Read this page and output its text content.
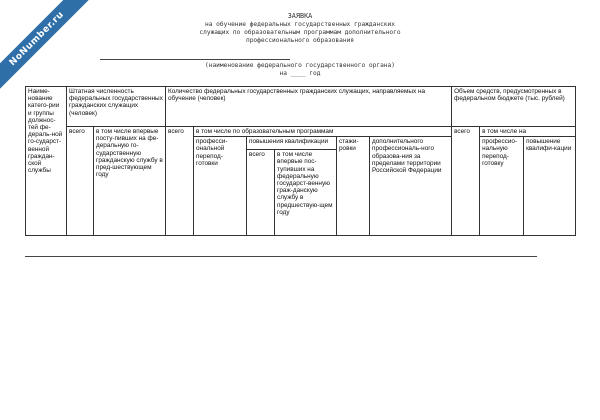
NoNumber.ru	ЗАЯВКА
на обучение федеральных государственных гражданских
служащих по образовательным программам дополнительного
профессионального образования
(наименование федерального государственного органа)
на ____ год
Наиме-нование катего-рии и группы должнос-тей фе-дераль-ной го-сударст-венной граждан-ской службы	Штатная численность федеральных государственных гражданских служащих (человек)		Количество федеральных государственных гражданских служащих, направляемых на обучение (человек)						Объем средств, предусмотренных в федеральном бюджете (тыс. рублей)		
	всего	в том числе впервые посту-пивших на фе-деральную го-сударственную гражданскую службу в пред-шествующем году	всего	в том числе по образовательным программам					всего	в том числе на	
				професси-ональной перепод-готовки	повышения квалификации		стажи-ровки	дополнительного профессиональ-ного образова-ния за пределами территории Российской Федерации		профессио-нальную перепод-готовку	повышение квалифи-кации
					всего	в том числе впервые пос-тупивших на федеральную государст-венную граж-данскую службу в предшествую-щем году					
